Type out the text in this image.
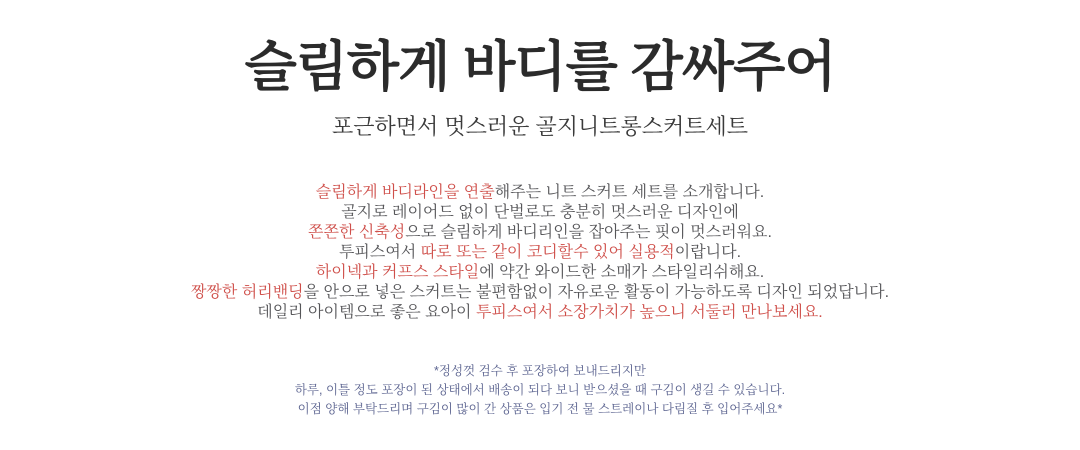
슬림하게 바디를 감싸주어
포근하면서 멋스러운 골지니트롱스커트세트
슬림하게 바디라인을 연출해주는 니트 스커트 세트를 소개합니다.
골지로 레이어드 없이 단벌로도 충분히 멋스러운 디자인에
쫀쫀한 신축성으로 슬림하게 바디리인을 잡아주는 핏이 멋스러워요.
투피스여서 따로 또는 같이 코디할수 있어 실용적이랍니다.
하이넥과 커프스 스타일에 약간 와이드한 소매가 스타일리쉬해요.
짱짱한 허리밴딩을 안으로 넣은 스커트는 불편함없이 자유로운 활동이 가능하도록 디자인 되었답니다.
데일리 아이템으로 좋은 요아이 투피스여서 소장가치가 높으니 서둘러 만나보세요.
*정성껏 검수 후 포장하여 보내드리지만
하루, 이틀 정도 포장이 된 상태에서 배송이 되다 보니 받으셨을 때 구김이 생길 수 있습니다.
이점 양해 부탁드리며 구김이 많이 간 상품은 입기 전 물 스트레이나 다림질 후 입어주세요*
